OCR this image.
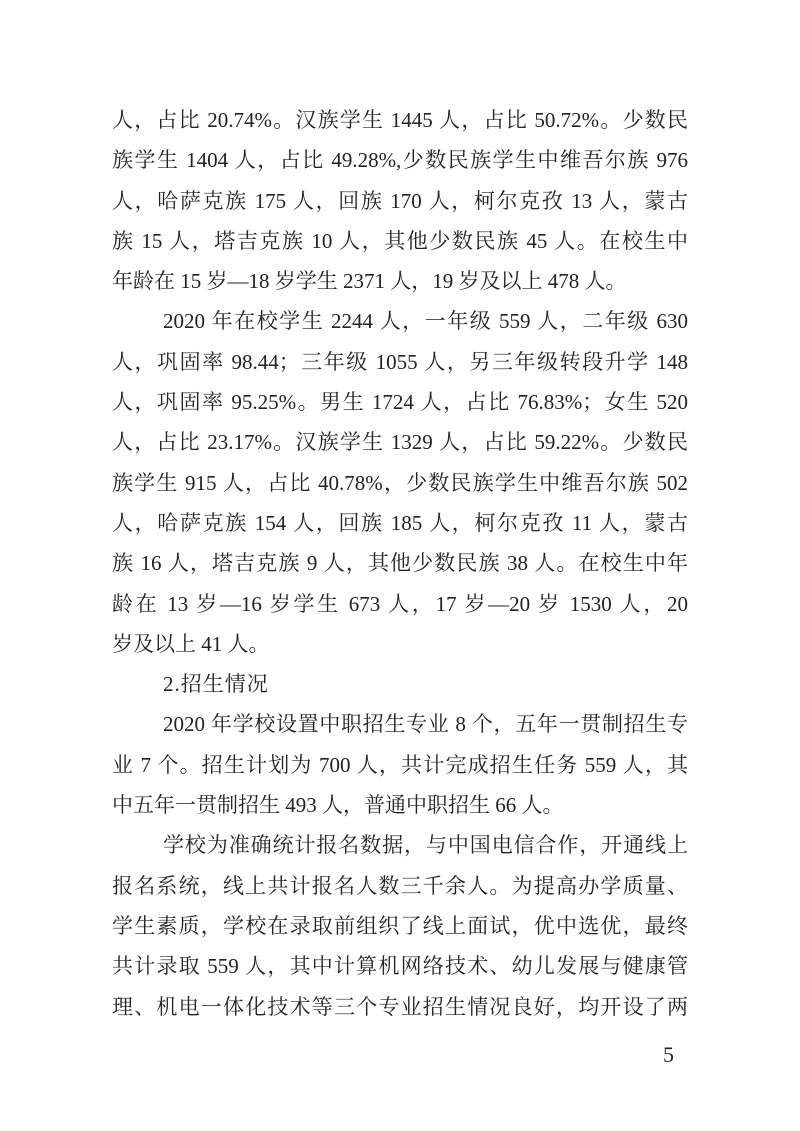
人，占比 20.74%。汉族学生 1445 人，占比 50.72%。少数民
族学生 1404 人，占比 49.28%,少数民族学生中维吾尔族 976
人，哈萨克族 175 人，回族 170 人，柯尔克孜 13 人，蒙古
族 15 人，塔吉克族 10 人，其他少数民族 45 人。在校生中
年龄在 15 岁—18 岁学生 2371 人，19 岁及以上 478 人。
2020 年在校学生 2244 人，一年级 559 人，二年级 630
人，巩固率 98.44；三年级 1055 人，另三年级转段升学 148
人，巩固率 95.25%。男生 1724 人，占比 76.83%；女生 520
人，占比 23.17%。汉族学生 1329 人，占比 59.22%。少数民
族学生 915 人，占比 40.78%，少数民族学生中维吾尔族 502
人，哈萨克族 154 人，回族 185 人，柯尔克孜 11 人，蒙古
族 16 人，塔吉克族 9 人，其他少数民族 38 人。在校生中年
龄在 13 岁—16 岁学生 673 人，17 岁—20 岁 1530 人，20
岁及以上 41 人。
2.招生情况
2020 年学校设置中职招生专业 8 个，五年一贯制招生专
业 7 个。招生计划为 700 人，共计完成招生任务 559 人，其
中五年一贯制招生 493 人，普通中职招生 66 人。
学校为准确统计报名数据，与中国电信合作，开通线上
报名系统，线上共计报名人数三千余人。为提高办学质量、
学生素质，学校在录取前组织了线上面试，优中选优，最终
共计录取 559 人，其中计算机网络技术、幼儿发展与健康管
理、机电一体化技术等三个专业招生情况良好，均开设了两
5
